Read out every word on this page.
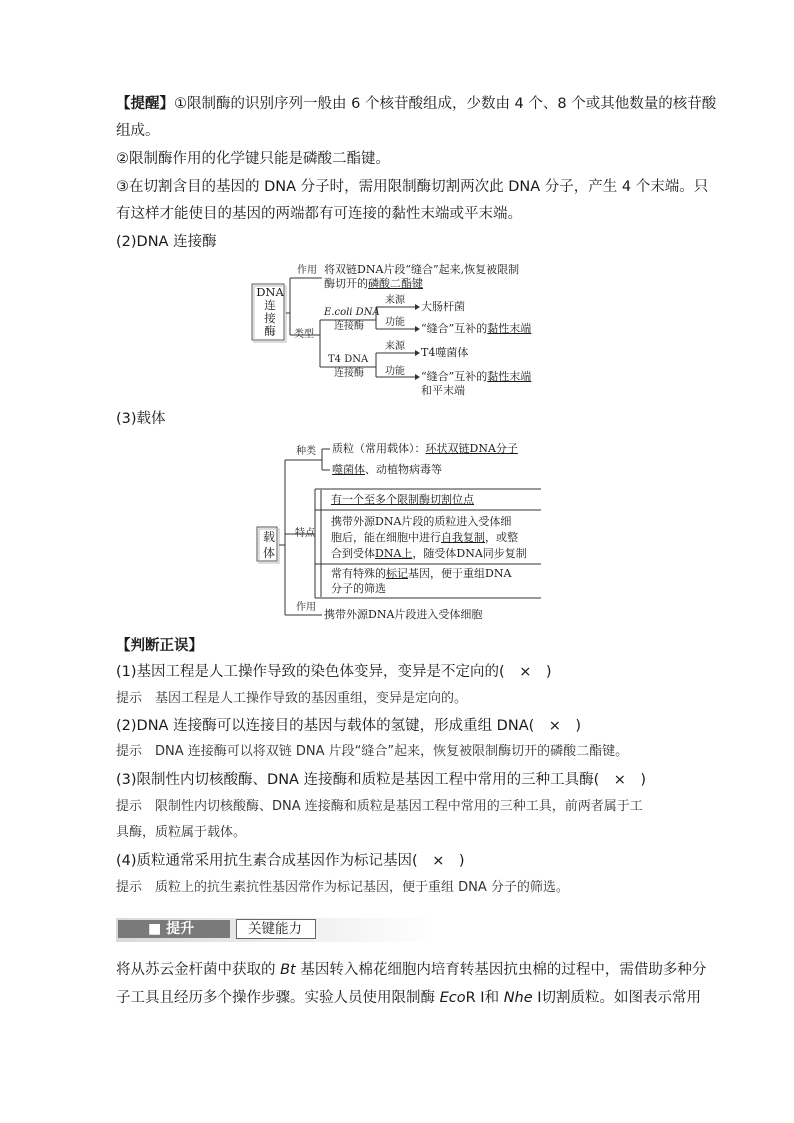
【提醒】①限制酶的识别序列一般由 6 个核苷酸组成，少数由 4 个、8 个或其他数量的核苷酸
组成。
②限制酶作用的化学键只能是磷酸二酯键。
③在切割含目的基因的 DNA 分子时，需用限制酶切割两次此 DNA 分子，产生 4 个末端。只
有这样才能使目的基因的两端都有可连接的黏性末端或平末端。
(2)DNA 连接酶
DNA
连
接
酶
作用 将双链DNA片段“缝合”起来,恢复被限制
酶切开的磷酸二酯键
类型
E.coli DNA
连接酶
来源 大肠杆菌
功能 “缝合”互补的黏性末端
T4 DNA
连接酶
来源 T4噬菌体
功能 “缝合”互补的黏性末端
和平末端
(3)载体
载
体
种类 质粒（常用载体）：环状双链DNA分子
噬菌体、动植物病毒等
特点
有一个至多个限制酶切割位点
携带外源DNA片段的质粒进入受体细
胞后，能在细胞中进行自我复制，或整
合到受体DNA上，随受体DNA同步复制
常有特殊的标记基因，便于重组DNA
分子的筛选
作用
携带外源DNA片段进入受体细胞
【判断正误】
(1)基因工程是人工操作导致的染色体变异，变异是不定向的(　×　)
提示　基因工程是人工操作导致的基因重组，变异是定向的。
(2)DNA 连接酶可以连接目的基因与载体的氢键，形成重组 DNA(　×　)
提示　DNA 连接酶可以将双链 DNA 片段“缝合”起来，恢复被限制酶切开的磷酸二酯键。
(3)限制性内切核酸酶、DNA 连接酶和质粒是基因工程中常用的三种工具酶(　×　)
提示　限制性内切核酸酶、DNA 连接酶和质粒是基因工程中常用的三种工具，前两者属于工
具酶，质粒属于载体。
(4)质粒通常采用抗生素合成基因作为标记基因(　×　)
提示　质粒上的抗生素抗性基因常作为标记基因，便于重组 DNA 分子的筛选。
■ 提升	关键能力
将从苏云金杆菌中获取的 Bt 基因转入棉花细胞内培育转基因抗虫棉的过程中，需借助多种分
子工具且经历多个操作步骤。实验人员使用限制酶 EcoR Ⅰ和 Nhe Ⅰ切割质粒。如图表示常用
